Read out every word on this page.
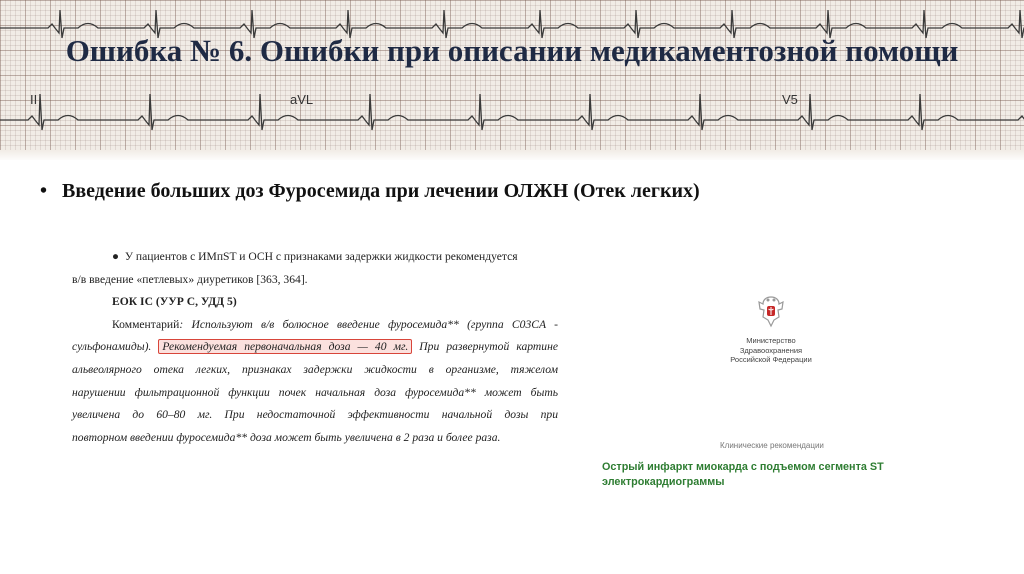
II	aVL	V5
Ошибка № 6. Ошибки при описании медикаментозной помощи
• Введение больших доз Фуросемида при лечении ОЛЖН (Отек легких)

● У пациентов с ИМпST и ОСН с признаками задержки жидкости рекомендуется

в/в введение «петлевых» диуретиков [363, 364].

ЕОК IC (УУР С, УДД 5)

Комментарий: Используют в/в болюсное введение фуросемида** (группа C03CA -

сульфонамиды). Рекомендуемая первоначальная доза — 40 мг. При развернутой картине

альвеолярного отека легких, признаках задержки жидкости в организме, тяжелом

нарушении фильтрационной функции почек начальная доза фуросемида** может быть

увеличена до 60–80 мг. При недостаточной эффективности начальной дозы при

повторном введении фуросемида** доза может быть увеличена в 2 раза и более раза.

Министерство
Здравоохранения
Российской Федерации
Клинические рекомендации
Острый инфаркт миокарда с подъемом сегмента ST электрокардиограммы
